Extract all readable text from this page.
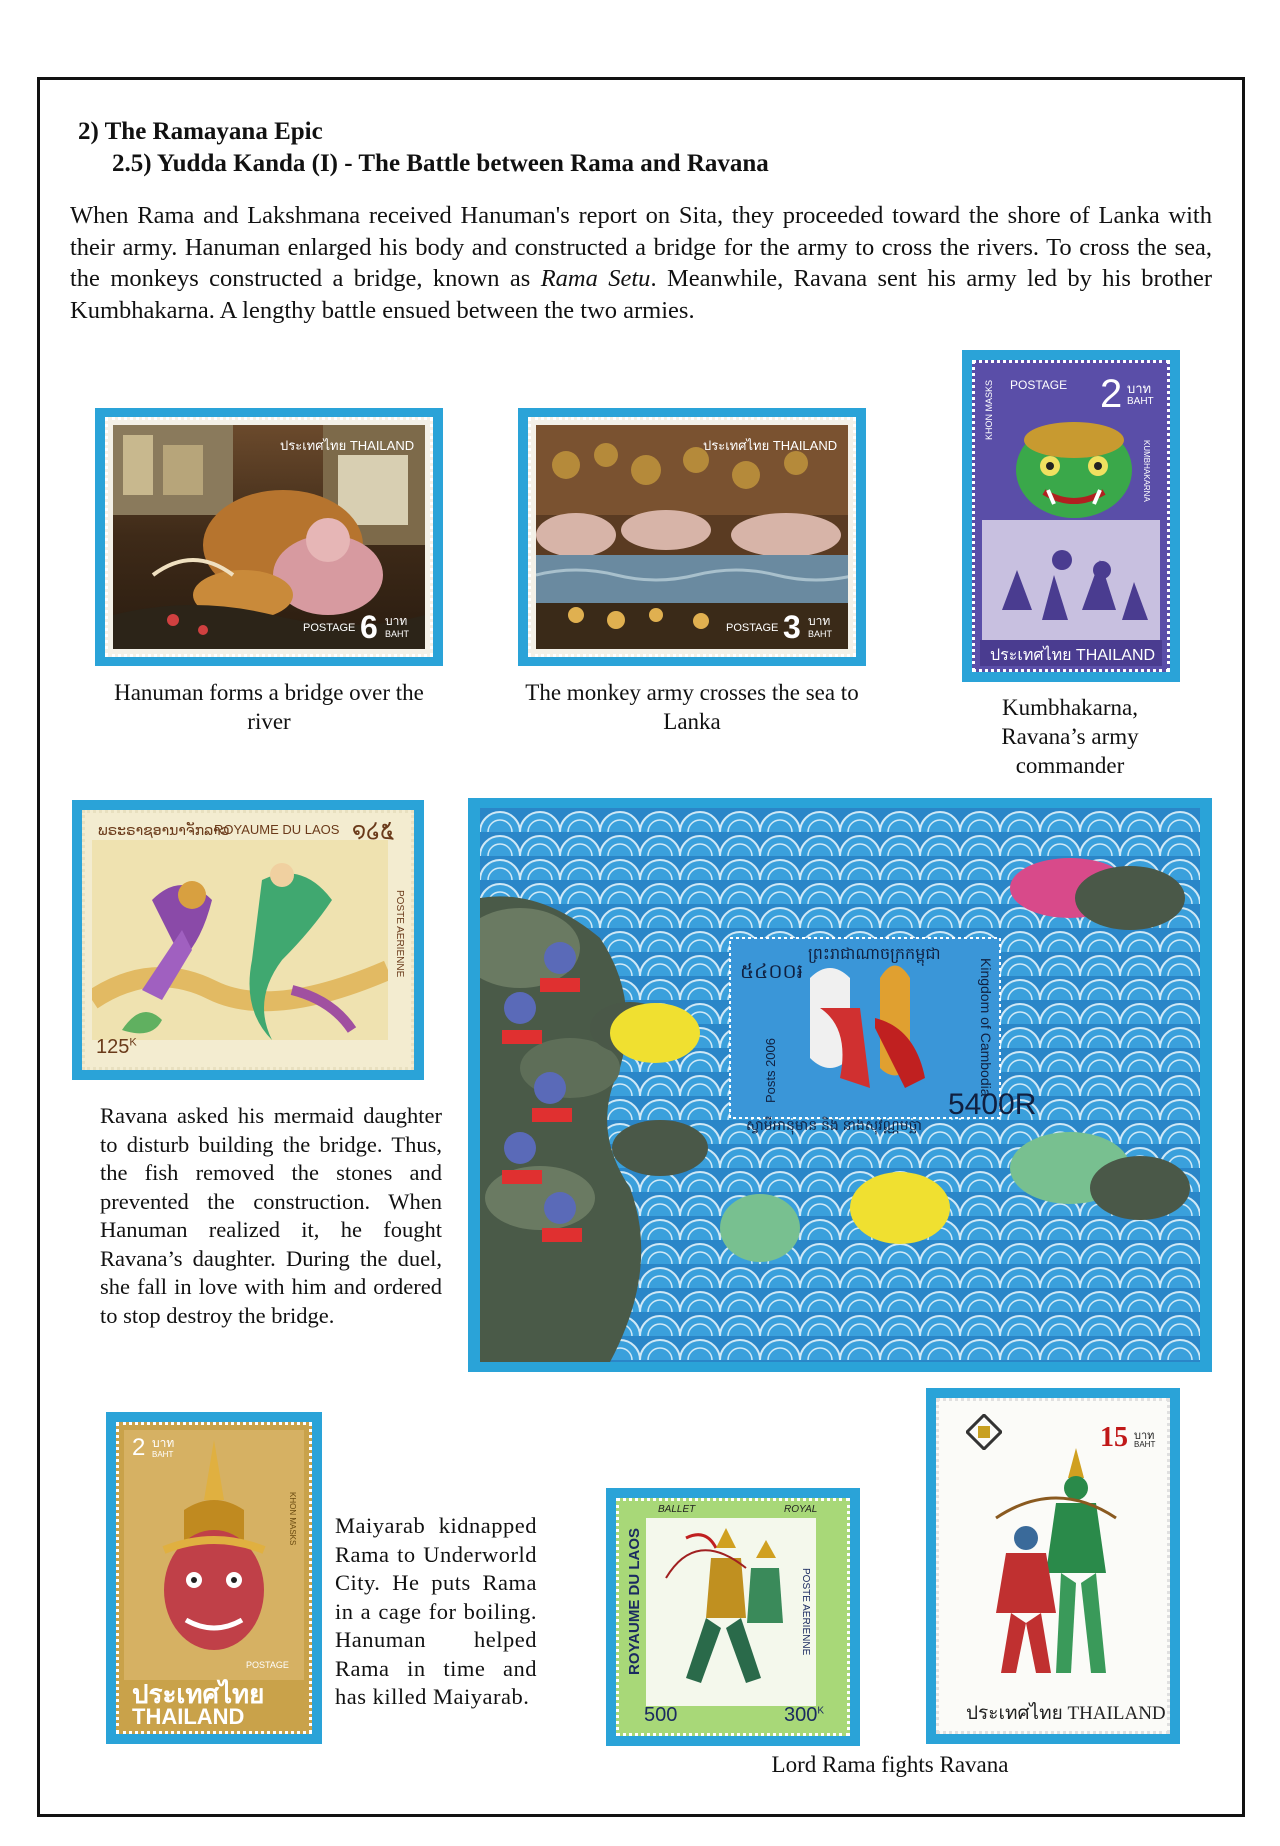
2) The Ramayana Epic
2.5) Yudda Kanda (I) - The Battle between Rama and Ravana
When Rama and Lakshmana received Hanuman's report on Sita, they proceeded toward the shore of Lanka with their army. Hanuman enlarged his body and constructed a bridge for the army to cross the rivers. To cross the sea, the monkeys constructed a bridge, known as Rama Setu. Meanwhile, Ravana sent his army led by his brother Kumbhakarna. A lengthy battle ensued between the two armies.
ประเทศไทย THAILAND
POSTAGE 6 บาท
BAHT
Hanuman forms a bridge over the river
ประเทศไทย THAILAND
POSTAGE 3 บาท
BAHT
The monkey army crosses the sea to Lanka
KHON MASKS
KUMBHAKARNA
POSTAGE 2 บาท
BAHT
ประเทศไทย THAILAND
Kumbhakarna, Ravana’s army commander
ພຣະຣາຊອານາຈັກລາວ
ROYAUME DU LAOS ໑໒໕
POSTE AERIENNE
$125^K$
Ravana asked his mermaid daughter to disturb building the bridge. Thus, the fish removed the stones and prevented the construction. When Hanuman realized it, he fought Ravana’s daughter. During the duel, she fall in love with him and ordered to stop destroy the bridge.
ព្រះរាជាណាចក្រកម្ពុជា
៥៤០០៛
Posts 2006	Kingdom of Cambodia
5400R
ស្វាមីអានុមាន និង នាងសុវណ្ណមច្ឆា
2 บาท
BAHT
KHON MASKS
POSTAGE
ประเทศไทย
THAILAND
Maiyarab kidnapped Rama to Underworld City. He puts Rama in a cage for boiling. Hanuman helped Rama in time and has killed Maiyarab.
BALLET	ROYAL
ROYAUME DU LAOS	POSTE AERIENNE
500	$300^K$
15 บาท
BAHT
ประเทศไทย THAILAND
Lord Rama fights Ravana
